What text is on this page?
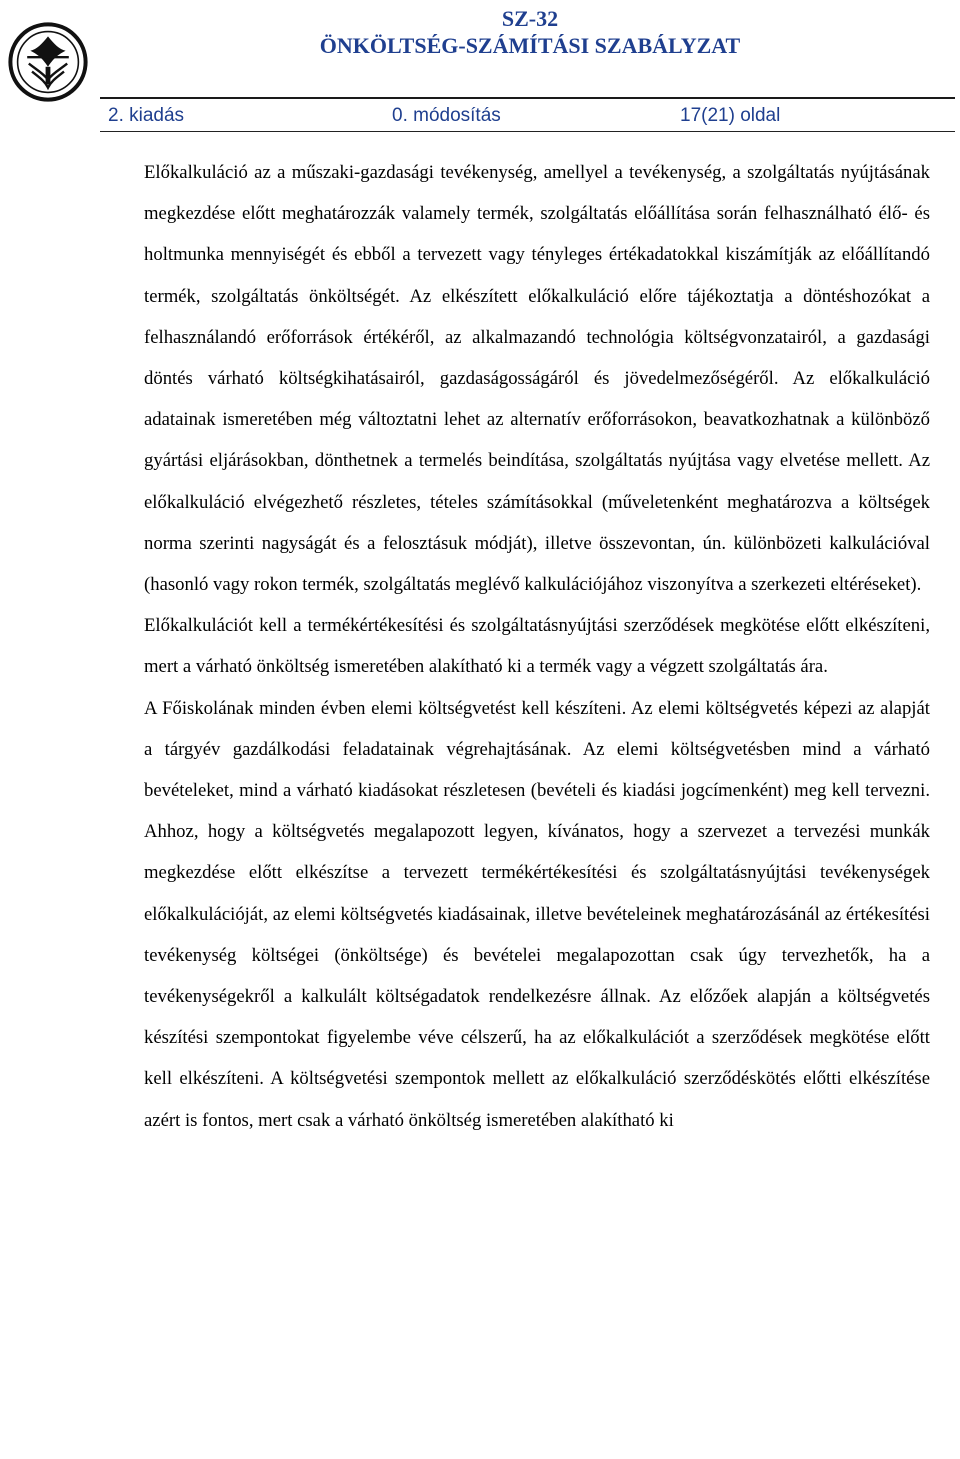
SZ-32
ÖNKÖLTSÉG-SZÁMÍTÁSI SZABÁLYZAT
2. kiadás	0. módosítás	17(21) oldal

Előkalkuláció az a műszaki-gazdasági tevékenység, amellyel a tevékenység, a szolgáltatás nyújtásának megkezdése előtt meghatározzák valamely termék, szolgáltatás előállítása során felhasználható élő- és holtmunka mennyiségét és ebből a tervezett vagy tényleges értékadatokkal kiszámítják az előállítandó termék, szolgáltatás önköltségét. Az elkészített előkalkuláció előre tájékoztatja a döntéshozókat a felhasználandó erőforrások értékéről, az alkalmazandó technológia költségvonzatairól, a gazdasági döntés várható költségkihatásairól, gazdaságosságáról és jövedelmezőségéről. Az előkalkuláció adatainak ismeretében még változtatni lehet az alternatív erőforrásokon, beavatkozhatnak a különböző gyártási eljárásokban, dönthetnek a termelés beindítása, szolgáltatás nyújtása vagy elvetése mellett. Az előkalkuláció elvégezhető részletes, tételes számításokkal (műveletenként meghatározva a költségek norma szerinti nagyságát és a felosztásuk módját), illetve összevontan, ún. különbözeti kalkulációval (hasonló vagy rokon termék, szolgáltatás meglévő kalkulációjához viszonyítva a szerkezeti eltéréseket).

Előkalkulációt kell a termékértékesítési és szolgáltatásnyújtási szerződések megkötése előtt elkészíteni, mert a várható önköltség ismeretében alakítható ki a termék vagy a végzett szolgáltatás ára.

A Főiskolának minden évben elemi költségvetést kell készíteni. Az elemi költségvetés képezi az alapját a tárgyév gazdálkodási feladatainak végrehajtásának. Az elemi költségvetésben mind a várható bevételeket, mind a várható kiadásokat részletesen (bevételi és kiadási jogcímenként) meg kell tervezni. Ahhoz, hogy a költségvetés megalapozott legyen, kívánatos, hogy a szervezet a tervezési munkák megkezdése előtt elkészítse a tervezett termékértékesítési és szolgáltatásnyújtási tevékenységek előkalkulációját, az elemi költségvetés kiadásainak, illetve bevételeinek meghatározásánál az értékesítési tevékenység költségei (önköltsége) és bevételei megalapozottan csak úgy tervezhetők, ha a tevékenységekről a kalkulált költségadatok rendelkezésre állnak. Az előzőek alapján a költségvetés készítési szempontokat figyelembe véve célszerű, ha az előkalkulációt a szerződések megkötése előtt kell elkészíteni. A költségvetési szempontok mellett az előkalkuláció szerződéskötés előtti elkészítése azért is fontos, mert csak a várható önköltség ismeretében alakítható ki
